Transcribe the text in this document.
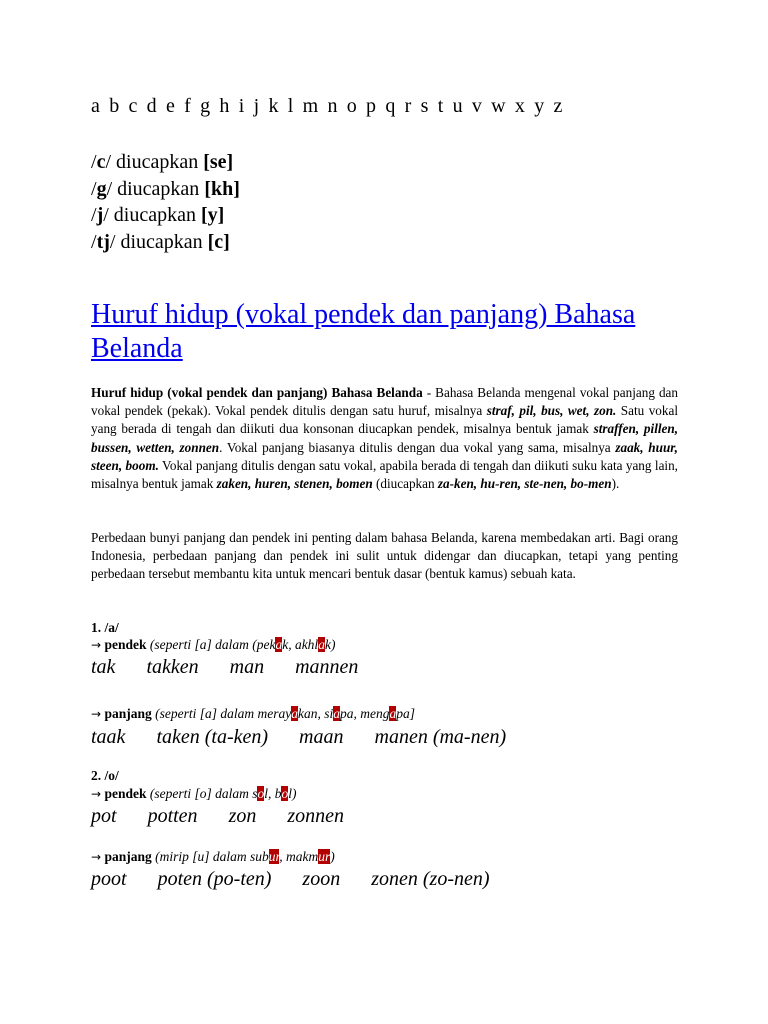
a b c d e f g h i j k l m n o p q r s t u v w x y z
/c/ diucapkan [se]
/g/ diucapkan [kh]
/j/ diucapkan [y]
/tj/ diucapkan [c]
Huruf hidup (vokal pendek dan panjang) Bahasa Belanda
Huruf hidup (vokal pendek dan panjang) Bahasa Belanda - Bahasa Belanda mengenal vokal panjang dan vokal pendek (pekak). Vokal pendek ditulis dengan satu huruf, misalnya straf, pil, bus, wet, zon. Satu vokal yang berada di tengah dan diikuti dua konsonan diucapkan pendek, misalnya bentuk jamak straffen, pillen, bussen, wetten, zonnen. Vokal panjang biasanya ditulis dengan dua vokal yang sama, misalnya zaak, huur, steen, boom. Vokal panjang ditulis dengan satu vokal, apabila berada di tengah dan diikuti suku kata yang lain, misalnya bentuk jamak zaken, huren, stenen, bomen (diucapkan za-ken, hu-ren, ste-nen, bo-men).
Perbedaan bunyi panjang dan pendek ini penting dalam bahasa Belanda, karena membedakan arti. Bagi orang Indonesia, perbedaan panjang dan pendek ini sulit untuk didengar dan diucapkan, tetapi yang penting perbedaan tersebut membantu kita untuk mencari bentuk dasar (bentuk kamus) sebuah kata.
1. /a/
→ pendek (seperti [a] dalam (pekak, akhlak)
tak takken man mannen
→ panjang (seperti [a] dalam merayakan, siapa, mengapa]
taak taken (ta-ken) maan manen (ma-nen)
2. /o/
→ pendek (seperti [o] dalam sol, bol)
pot potten zon zonnen
→ panjang (mirip [u] dalam subur, makmur)
poot poten (po-ten) zoon zonen (zo-nen)
